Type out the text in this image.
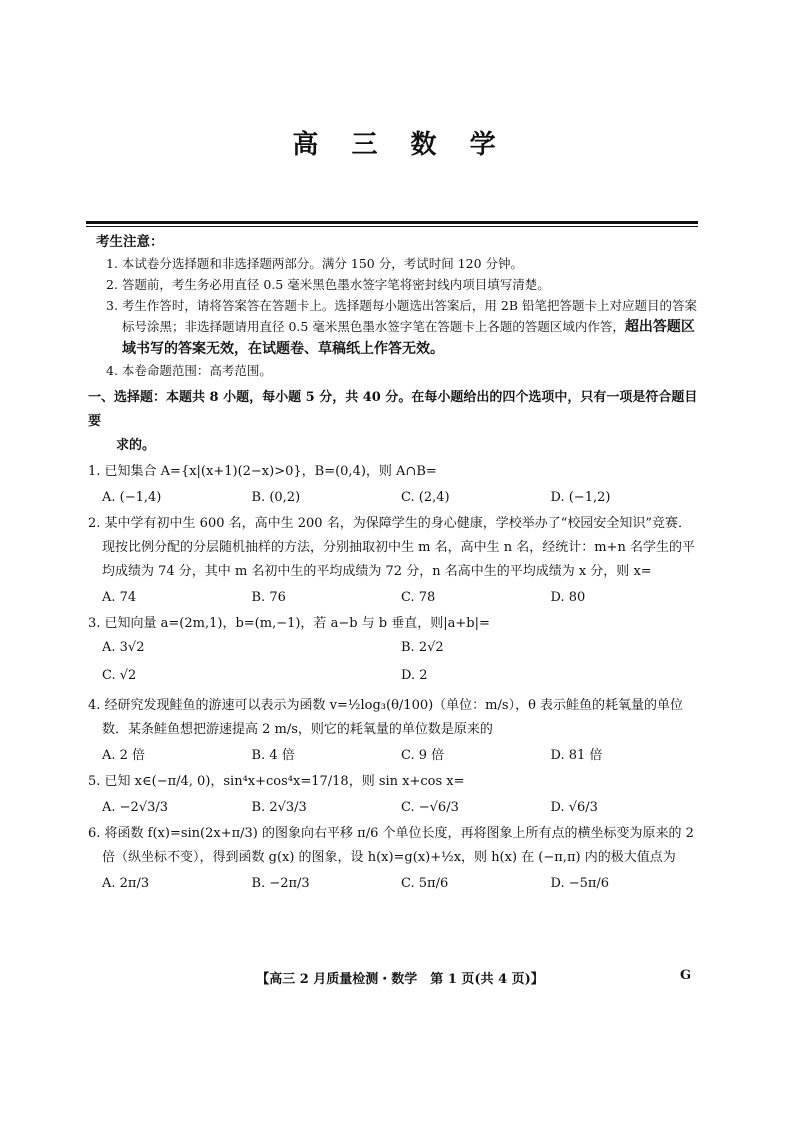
高 三 数 学
考生注意：
1. 本试卷分选择题和非选择题两部分。满分 150 分，考试时间 120 分钟。
2. 答题前，考生务必用直径 0.5 毫米黑色墨水签字笔将密封线内项目填写清楚。
3. 考生作答时，请将答案答在答题卡上。选择题每小题选出答案后，用 2B 铅笔把答题卡上对应题目的答案标号涂黑；非选择题请用直径 0.5 毫米黑色墨水签字笔在答题卡上各题的答题区域内作答，超出答题区域书写的答案无效，在试题卷、草稿纸上作答无效。
4. 本卷命题范围：高考范围。
一、选择题：本题共 8 小题，每小题 5 分，共 40 分。在每小题给出的四个选项中，只有一项是符合题目要
求的。
1. 已知集合 A={x|(x+1)(2−x)>0}，B=(0,4)，则 A∩B=
A. (−1,4)	B. (0,2)	C. (2,4)	D. (−1,2)
2. 某中学有初中生 600 名，高中生 200 名，为保障学生的身心健康，学校举办了“校园安全知识”竞赛．现按比例分配的分层随机抽样的方法，分别抽取初中生 m 名，高中生 n 名，经统计：m+n 名学生的平均成绩为 74 分，其中 m 名初中生的平均成绩为 72 分，n 名高中生的平均成绩为 x 分，则 x=
A. 74	B. 76	C. 78	D. 80
3. 已知向量 a=(2m,1)，b=(m,−1)，若 a−b 与 b 垂直，则|a+b|=
A. 3√2	B. 2√2
C. √2	D. 2
4. 经研究发现鲑鱼的游速可以表示为函数 v=½log₃(θ/100)（单位：m/s），θ 表示鲑鱼的耗氧量的单位数．某条鲑鱼想把游速提高 2 m/s，则它的耗氧量的单位数是原来的
A. 2 倍	B. 4 倍	C. 9 倍	D. 81 倍
5. 已知 x∈(−π/4, 0)，sin⁴x+cos⁴x=17/18，则 sin x+cos x=
A. −2√3/3	B. 2√3/3	C. −√6/3	D. √6/3
6. 将函数 f(x)=sin(2x+π/3) 的图象向右平移 π/6 个单位长度，再将图象上所有点的横坐标变为原来的 2 倍（纵坐标不变），得到函数 g(x) 的图象，设 h(x)=g(x)+½x，则 h(x) 在 (−π,π) 内的极大值点为
A. 2π/3	B. −2π/3	C. 5π/6	D. −5π/6
【高三 2 月质量检测・数学　第 1 页(共 4 页)】	G
